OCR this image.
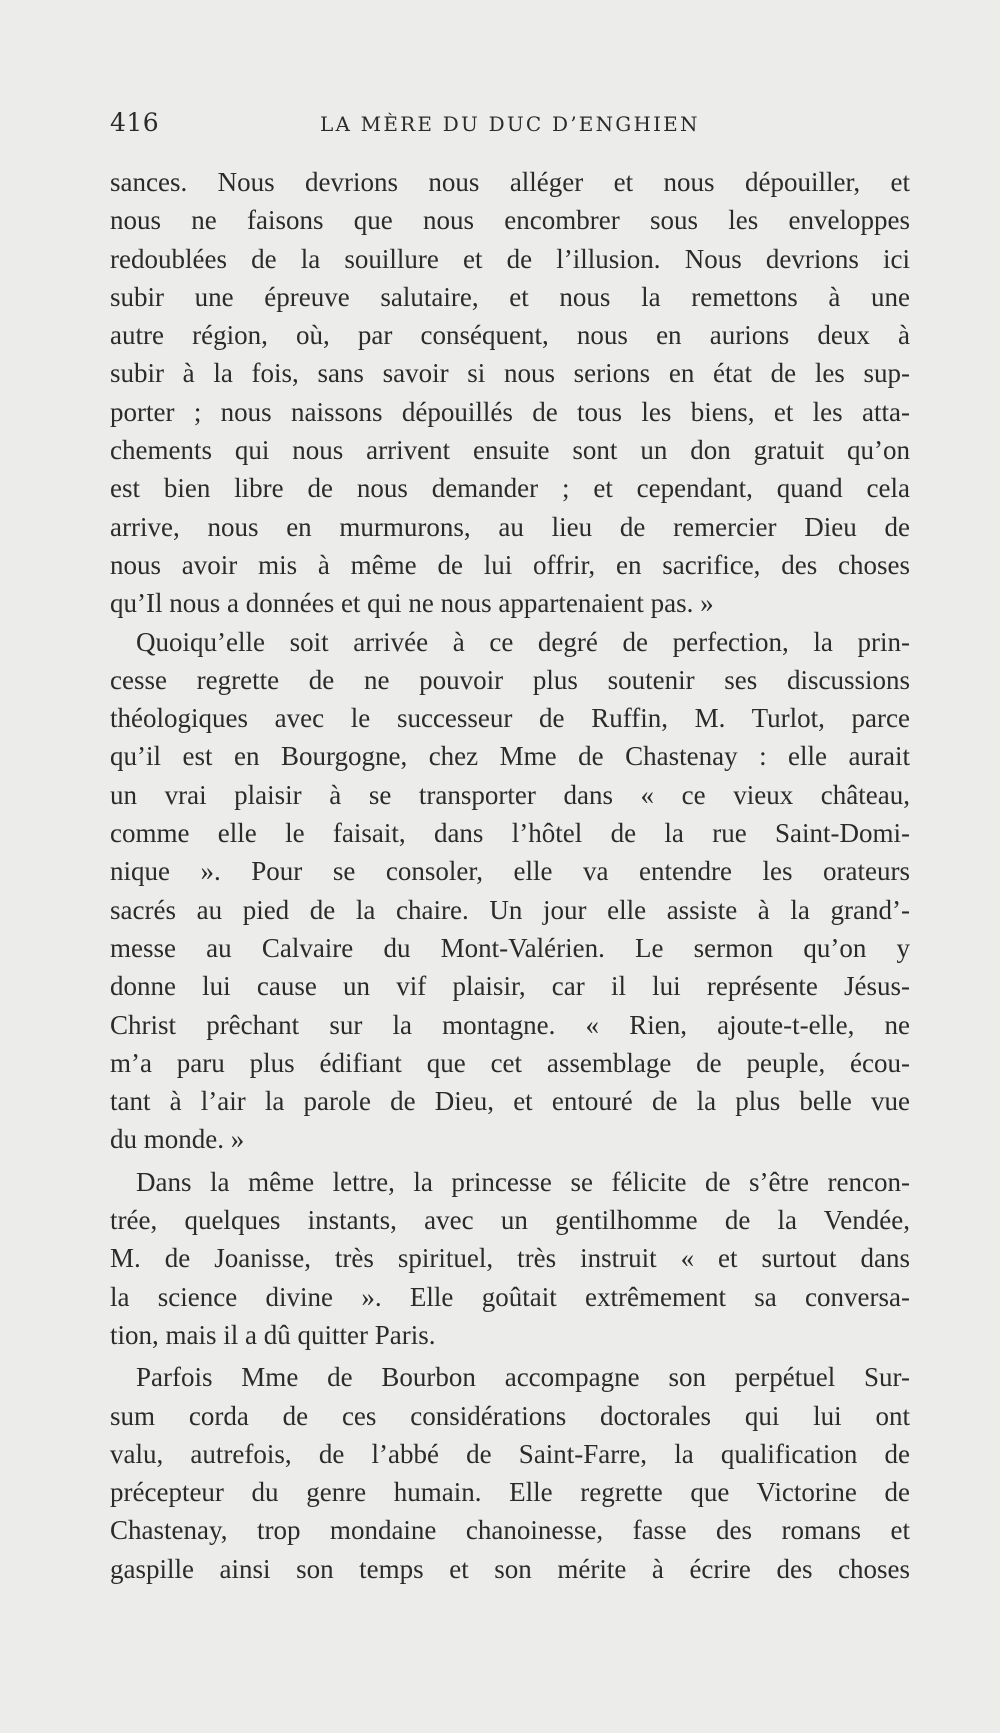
416	LA MÈRE DU DUC D’ENGHIEN
sances. Nous devrions nous alléger et nous dépouiller, et
nous ne faisons que nous encombrer sous les enveloppes
redoublées de la souillure et de l’illusion. Nous devrions ici
subir une épreuve salutaire, et nous la remettons à une
autre région, où, par conséquent, nous en aurions deux à
subir à la fois, sans savoir si nous serions en état de les sup-
porter ; nous naissons dépouillés de tous les biens, et les atta-
chements qui nous arrivent ensuite sont un don gratuit qu’on
est bien libre de nous demander ; et cependant, quand cela
arrive, nous en murmurons, au lieu de remercier Dieu de
nous avoir mis à même de lui offrir, en sacrifice, des choses
qu’Il nous a données et qui ne nous appartenaient pas. »
Quoiqu’elle soit arrivée à ce degré de perfection, la prin-
cesse regrette de ne pouvoir plus soutenir ses discussions
théologiques avec le successeur de Ruffin, M. Turlot, parce
qu’il est en Bourgogne, chez Mme de Chastenay : elle aurait
un vrai plaisir à se transporter dans « ce vieux château,
comme elle le faisait, dans l’hôtel de la rue Saint-Domi-
nique ». Pour se consoler, elle va entendre les orateurs
sacrés au pied de la chaire. Un jour elle assiste à la grand’-
messe au Calvaire du Mont-Valérien. Le sermon qu’on y
donne lui cause un vif plaisir, car il lui représente Jésus-
Christ prêchant sur la montagne. « Rien, ajoute-t-elle, ne
m’a paru plus édifiant que cet assemblage de peuple, écou-
tant à l’air la parole de Dieu, et entouré de la plus belle vue
du monde. »
Dans la même lettre, la princesse se félicite de s’être rencon-
trée, quelques instants, avec un gentilhomme de la Vendée,
M. de Joanisse, très spirituel, très instruit « et surtout dans
la science divine ». Elle goûtait extrêmement sa conversa-
tion, mais il a dû quitter Paris.
Parfois Mme de Bourbon accompagne son perpétuel Sur-
sum corda de ces considérations doctorales qui lui ont
valu, autrefois, de l’abbé de Saint-Farre, la qualification de
précepteur du genre humain. Elle regrette que Victorine de
Chastenay, trop mondaine chanoinesse, fasse des romans et
gaspille ainsi son temps et son mérite à écrire des choses
